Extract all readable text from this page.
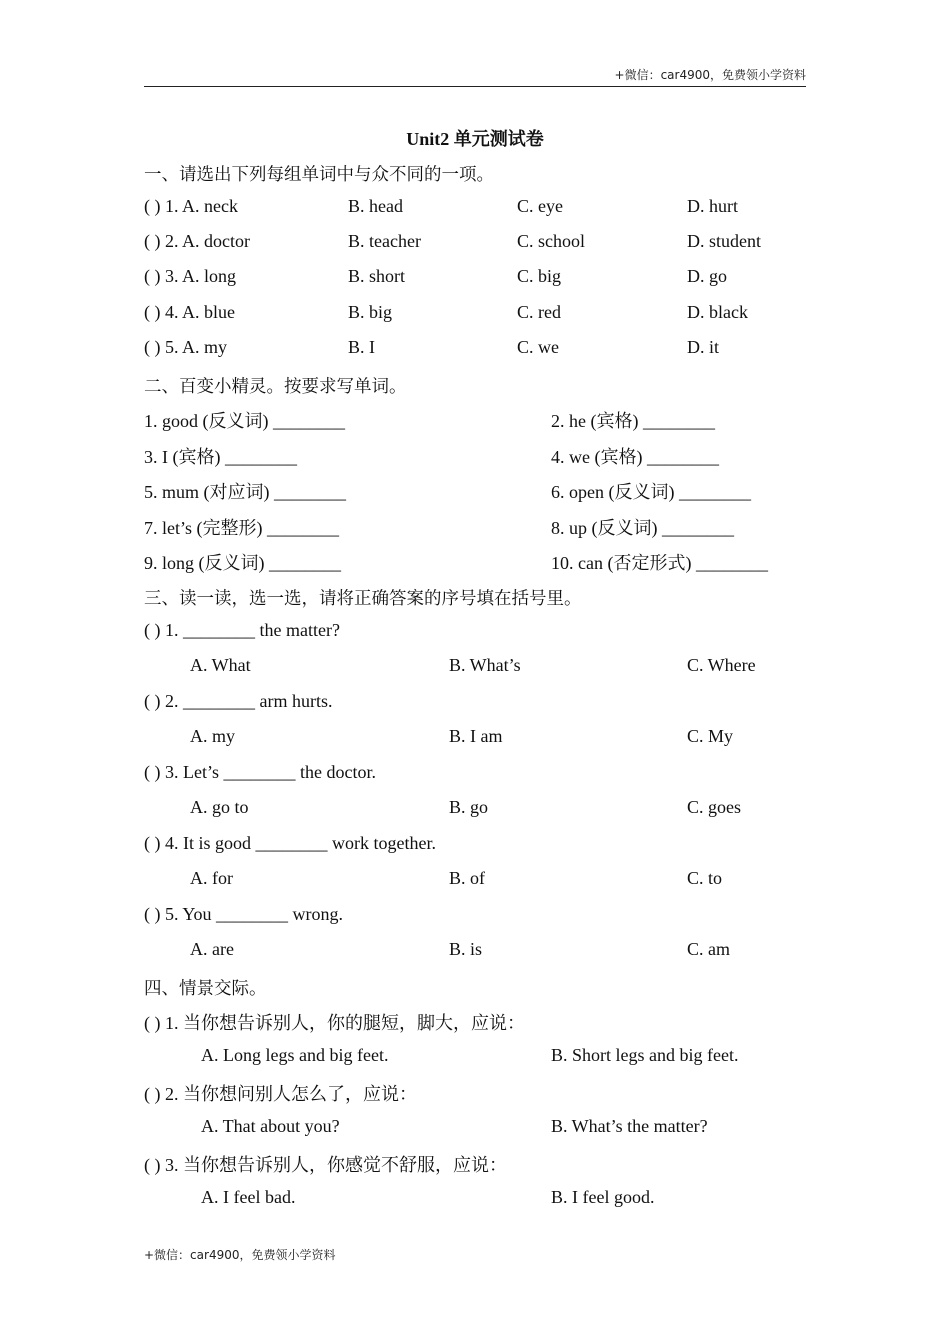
+微信：car4900，免费领小学资料
Unit2 单元测试卷
一、请选出下列每组单词中与众不同的一项。
( ) 1. A. neck	B. head	C. eye	D. hurt
( ) 2. A. doctor	B. teacher	C. school	D. student
( ) 3. A. long	B. short	C. big	D. go
( ) 4. A. blue	B. big	C. red	D. black
( ) 5. A. my	B. I	C. we	D. it
二、百变小精灵。按要求写单词。
1. good (反义词) ________	2. he (宾格) ________
3. I (宾格) ________	4. we (宾格) ________
5. mum (对应词) ________	6. open (反义词) ________
7. let’s (完整形) ________	8. up (反义词) ________
9. long (反义词) ________	10. can (否定形式) ________
三、读一读，选一选，请将正确答案的序号填在括号里。
( ) 1. ________ the matter?
A. What	B. What’s	C. Where
( ) 2. ________ arm hurts.
A. my	B. I am	C. My
( ) 3. Let’s ________ the doctor.
A. go to	B. go	C. goes
( ) 4. It is good ________ work together.
A. for	B. of	C. to
( ) 5. You ________ wrong.
A. are	B. is	C. am
四、情景交际。
( ) 1. 当你想告诉别人，你的腿短，脚大，应说：
A. Long legs and big feet.	B. Short legs and big feet.
( ) 2. 当你想问别人怎么了，应说：
A. That about you?	B. What’s the matter?
( ) 3. 当你想告诉别人，你感觉不舒服，应说：
A. I feel bad.	B. I feel good.
+微信：car4900，免费领小学资料
